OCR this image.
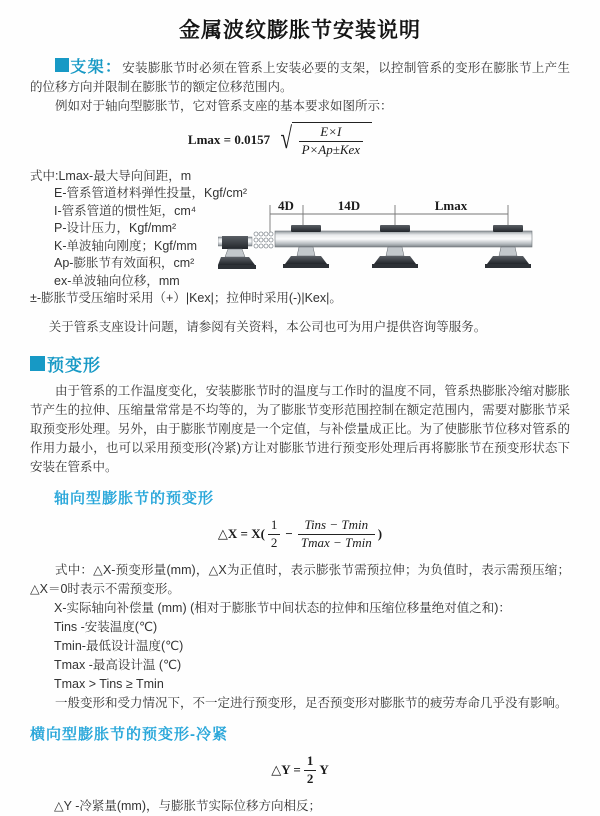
金属波纹膨胀节安装说明

支架：安装膨胀节时必须在管系上安装必要的支架，以控制管系的变形在膨胀节上产生的位移方向并限制在膨胀节的额定位移范围内。

例如对于轴向型膨胀节，它对管系支座的基本要求如图所示：

Lmax = 0.0157 √ $\frac{E\times I}{\text{P×Ap±Kex}}$
式中:Lmax-最大导向间距，m
E-管系管道材料弹性投量，Kgf/cm²
I-管系管道的惯性矩，cm⁴
P-设计压力，Kgf/mm²
K-单波轴向刚度；Kgf/mm
Ap-膨胀节有效面积，cm²
ex-单波轴向位移，mm
±-膨胀节受压缩时采用（+）|Kex|；拉伸时采用(-)|Kex|。
4D	14D	Lmax

关于管系支座设计问题，请参阅有关资料，本公司也可为用户提供咨询等服务。

预变形

由于管系的工作温度变化，安装膨胀节时的温度与工作时的温度不同，管系热膨胀冷缩对膨胀节产生的拉伸、压缩量常常是不均等的，为了膨胀节变形范围控制在额定范围内，需要对膨胀节采取预变形处理。另外，由于膨胀节刚度是一个定值，与补偿量成正比。为了使膨胀节位移对管系的作用力最小，也可以采用预变形(冷紧)方让对膨胀节进行预变形处理后再将膨胀节在预变形状态下安装在管系中。

轴向型膨胀节的预变形
△X = $X( \frac{1}{2} - \frac{\text{Tins − Tmin}}{Tmax - Tmin}$ )

式中：△X-预变形量(mm)，△X为正值时，表示膨张节需预拉伸；为负值时，表示需预压缩；△X＝0时表示不需预变形。

X-实际轴向补偿量 (mm) (相对于膨胀节中间状态的拉伸和压缩位移量绝对值之和)：
Tins -安装温度(℃)
Tmin-最低设计温度(℃)
Tmax -最高设计温 (℃)
Tmax > Tins ≥ Tmin

一般变形和受力情况下，不一定进行预变形，足否预变形对膨胀节的疲劳寿命几乎没有影响。

横向型膨胀节的预变形-冷紧
△Y = $\frac{1}{2}$ Y
△Y -冷紧量(mm)，与膨胀节实际位移方向相反；
